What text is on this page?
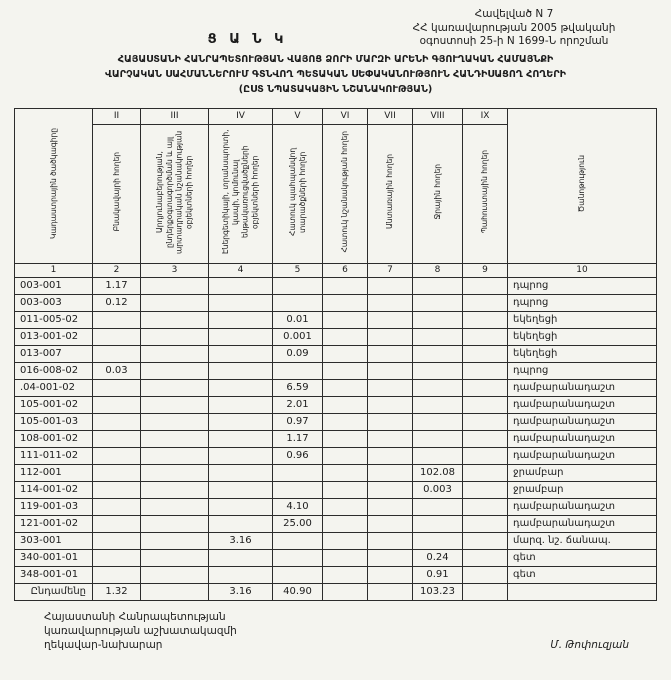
Հավելված N 7
ՀՀ կառավարության 2005 թվականի
օգոստոսի 25-ի N 1699-Ն որոշման
Ց Ա Ն Կ
ՀԱՅԱՍՏԱՆԻ ՀԱՆՐԱՊԵՏՈՒԹՅԱՆ ՎԱՅՈՑ ՁՈՐԻ ՄԱՐԶԻ ԱՐԵՆԻ ԳՅՈՒՂԱԿԱՆ ՀԱՄԱՅՆՔԻ
ՎԱՐՉԱԿԱՆ ՍԱՀՄԱՆՆԵՐՈՒՄ ԳՏՆՎՈՂ ՊԵՏԱԿԱՆ ՍԵՓԱԿԱՆՈՒԹՅՈՒՆ ՀԱՆԴԻՍԱՑՈՂ ՀՈՂԵՐԻ
(ԸՍՏ ՆՊԱՏԱԿԱՅԻՆ ՆՇԱՆԱԿՈՒԹՅԱՆ)
Կադաստրային ծածկագիրը	II	III	IV	V	VI	VII	VIII	IX	Ծանոթություն
	Բնակավայրի հողեր	Արդյունաբերության, ընդերքօգտագործման և այլ արտադրական նշանակության օբյեկտների հողեր	Էներգետիկայի, տրանսպորտի, կապի, կոմունալ ենթակառուցվածքների օբյեկտների հողեր	Հատուկ պահպանվող տարածքների հողեր	Հատուկ նշանակության հողեր	Անտառային հողեր	Ջրային հողեր	Պահուստային հողեր	
1	2	3	4	5	6	7	8	9	10
003-001	1.17								դպրոց
003-003	0.12								դպրոց
011-005-02				0.01					եկեղեցի
013-001-02				0.001					եկեղեցի
013-007				0.09					եկեղեցի
016-008-02	0.03								դպրոց
.04-001-02				6.59					դամբարանադաշտ
105-001-02				2.01					դամբարանադաշտ
105-001-03				0.97					դամբարանադաշտ
108-001-02				1.17					դամբարանադաշտ
111-011-02				0.96					դամբարանադաշտ
112-001							102.08		ջրամբար
114-001-02							0.003		ջրամբար
119-001-03				4.10					դամբարանադաշտ
121-001-02				25.00					դամբարանադաշտ
303-001			3.16						մարզ. նշ. ճանապ.
340-001-01							0.24		գետ
348-001-01							0.91		գետ
Ընդամենը	1.32		3.16	40.90			103.23		
Հայաստանի Հանրապետության
կառավարության աշխատակազմի
ղեկավար-նախարար	Մ. Թոփուզյան
